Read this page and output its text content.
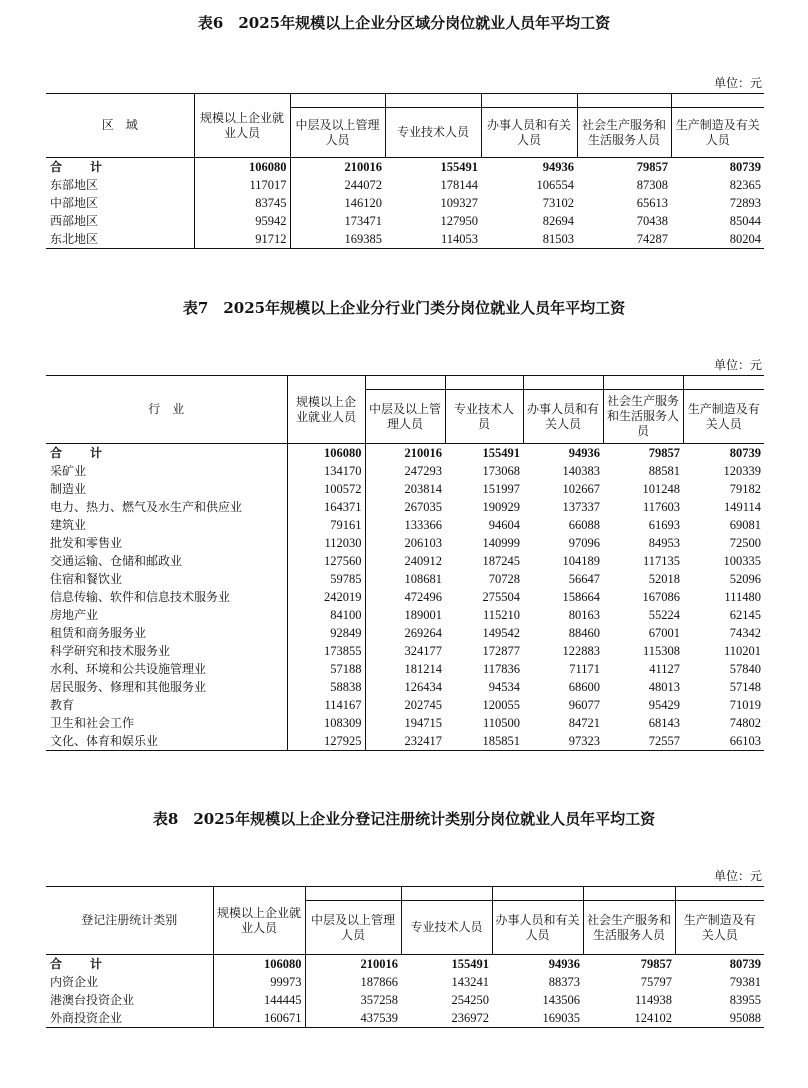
表6　2025年规模以上企业分区域分岗位就业人员年平均工资
单位：元
区　域	规模以上企业就业人员					
		中层及以上管理人员	专业技术人员	办事人员和有关人员	社会生产服务和生活服务人员	生产制造及有关人员
合　计	106080	210016	155491	94936	79857	80739
东部地区	117017	244072	178144	106554	87308	82365
中部地区	83745	146120	109327	73102	65613	72893
西部地区	95942	173471	127950	82694	70438	85044
东北地区	91712	169385	114053	81503	74287	80204
表7　2025年规模以上企业分行业门类分岗位就业人员年平均工资
单位：元
行　业	规模以上企业就业人员					
		中层及以上管理人员	专业技术人员	办事人员和有关人员	社会生产服务和生活服务人员	生产制造及有关人员
合　计	106080	210016	155491	94936	79857	80739
采矿业	134170	247293	173068	140383	88581	120339
制造业	100572	203814	151997	102667	101248	79182
电力、热力、燃气及水生产和供应业	164371	267035	190929	137337	117603	149114
建筑业	79161	133366	94604	66088	61693	69081
批发和零售业	112030	206103	140999	97096	84953	72500
交通运输、仓储和邮政业	127560	240912	187245	104189	117135	100335
住宿和餐饮业	59785	108681	70728	56647	52018	52096
信息传输、软件和信息技术服务业	242019	472496	275504	158664	167086	111480
房地产业	84100	189001	115210	80163	55224	62145
租赁和商务服务业	92849	269264	149542	88460	67001	74342
科学研究和技术服务业	173855	324177	172877	122883	115308	110201
水利、环境和公共设施管理业	57188	181214	117836	71171	41127	57840
居民服务、修理和其他服务业	58838	126434	94534	68600	48013	57148
教育	114167	202745	120055	96077	95429	71019
卫生和社会工作	108309	194715	110500	84721	68143	74802
文化、体育和娱乐业	127925	232417	185851	97323	72557	66103
表8　2025年规模以上企业分登记注册统计类别分岗位就业人员年平均工资
单位：元
登记注册统计类别	规模以上企业就业人员					
		中层及以上管理人员	专业技术人员	办事人员和有关人员	社会生产服务和生活服务人员	生产制造及有关人员
合　计	106080	210016	155491	94936	79857	80739
内资企业	99973	187866	143241	88373	75797	79381
港澳台投资企业	144445	357258	254250	143506	114938	83955
外商投资企业	160671	437539	236972	169035	124102	95088
